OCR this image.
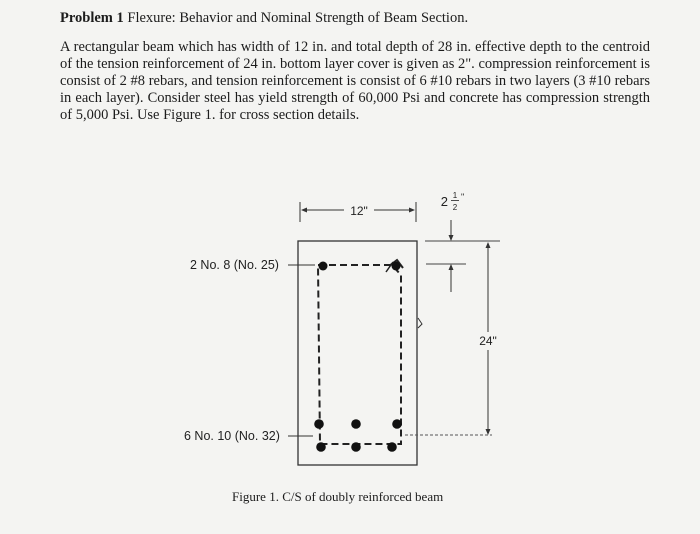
Problem 1 Flexure: Behavior and Nominal Strength of Beam Section.

A rectangular beam which has width of 12 in. and total depth of 28 in. effective depth to the centroid of the tension reinforcement of 24 in. bottom layer cover is given as 2". compression reinforcement is consist of 2 #8 rebars, and tension reinforcement is consist of 6 #10 rebars in two layers (3 #10 rebars in each layer). Consider steel has yield strength of 60,000 Psi and concrete has compression strength of 5,000 Psi. Use Figure 1. for cross section details.

12"
2 1
2
"
24"
2 No. 8 (No. 25)
6 No. 10 (No. 32)
Figure 1. C/S of doubly reinforced beam
